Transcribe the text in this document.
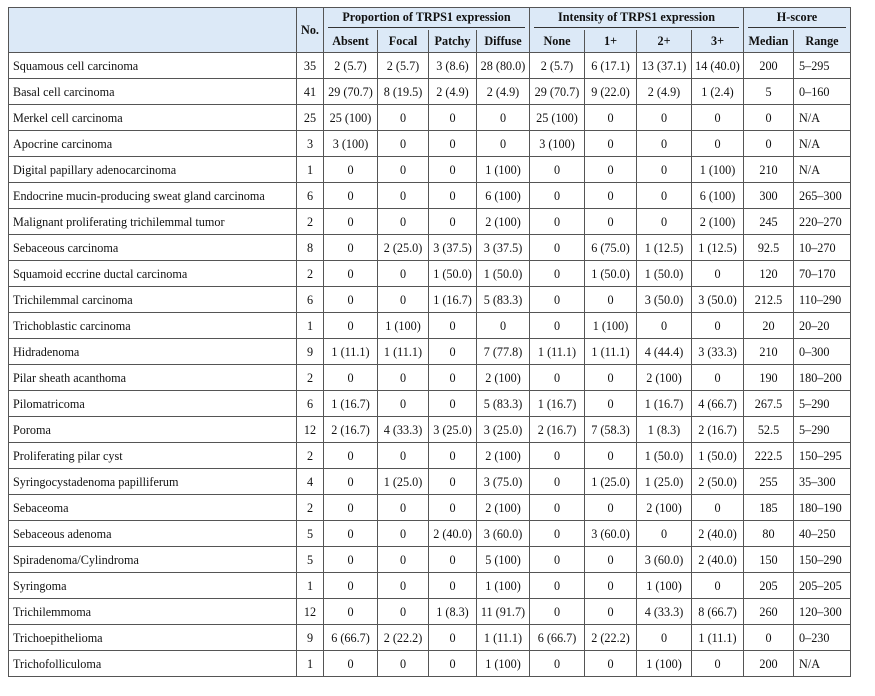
	No.	Proportion of TRPS1 expression				Intensity of TRPS1 expression				H-score	

		Absent	Focal	Patchy	Diffuse	None	1+	2+	3+	Median	Range
Squamous cell carcinoma	35	2 (5.7)	2 (5.7)	3 (8.6)	28 (80.0)	2 (5.7)	6 (17.1)	13 (37.1)	14 (40.0)	200	5–295
Basal cell carcinoma	41	29 (70.7)	8 (19.5)	2 (4.9)	2 (4.9)	29 (70.7)	9 (22.0)	2 (4.9)	1 (2.4)	5	0–160
Merkel cell carcinoma	25	25 (100)	0	0	0	25 (100)	0	0	0	0	N/A
Apocrine carcinoma	3	3 (100)	0	0	0	3 (100)	0	0	0	0	N/A
Digital papillary adenocarcinoma	1	0	0	0	1 (100)	0	0	0	1 (100)	210	N/A
Endocrine mucin-producing sweat gland carcinoma	6	0	0	0	6 (100)	0	0	0	6 (100)	300	265–300
Malignant proliferating trichilemmal tumor	2	0	0	0	2 (100)	0	0	0	2 (100)	245	220–270
Sebaceous carcinoma	8	0	2 (25.0)	3 (37.5)	3 (37.5)	0	6 (75.0)	1 (12.5)	1 (12.5)	92.5	10–270
Squamoid eccrine ductal carcinoma	2	0	0	1 (50.0)	1 (50.0)	0	1 (50.0)	1 (50.0)	0	120	70–170
Trichilemmal carcinoma	6	0	0	1 (16.7)	5 (83.3)	0	0	3 (50.0)	3 (50.0)	212.5	110–290
Trichoblastic carcinoma	1	0	1 (100)	0	0	0	1 (100)	0	0	20	20–20
Hidradenoma	9	1 (11.1)	1 (11.1)	0	7 (77.8)	1 (11.1)	1 (11.1)	4 (44.4)	3 (33.3)	210	0–300
Pilar sheath acanthoma	2	0	0	0	2 (100)	0	0	2 (100)	0	190	180–200
Pilomatricoma	6	1 (16.7)	0	0	5 (83.3)	1 (16.7)	0	1 (16.7)	4 (66.7)	267.5	5–290
Poroma	12	2 (16.7)	4 (33.3)	3 (25.0)	3 (25.0)	2 (16.7)	7 (58.3)	1 (8.3)	2 (16.7)	52.5	5–290
Proliferating pilar cyst	2	0	0	0	2 (100)	0	0	1 (50.0)	1 (50.0)	222.5	150–295
Syringocystadenoma papilliferum	4	0	1 (25.0)	0	3 (75.0)	0	1 (25.0)	1 (25.0)	2 (50.0)	255	35–300
Sebaceoma	2	0	0	0	2 (100)	0	0	2 (100)	0	185	180–190
Sebaceous adenoma	5	0	0	2 (40.0)	3 (60.0)	0	3 (60.0)	0	2 (40.0)	80	40–250
Spiradenoma/Cylindroma	5	0	0	0	5 (100)	0	0	3 (60.0)	2 (40.0)	150	150–290
Syringoma	1	0	0	0	1 (100)	0	0	1 (100)	0	205	205–205
Trichilemmoma	12	0	0	1 (8.3)	11 (91.7)	0	0	4 (33.3)	8 (66.7)	260	120–300
Trichoepithelioma	9	6 (66.7)	2 (22.2)	0	1 (11.1)	6 (66.7)	2 (22.2)	0	1 (11.1)	0	0–230
Trichofolliculoma	1	0	0	0	1 (100)	0	0	1 (100)	0	200	N/A
